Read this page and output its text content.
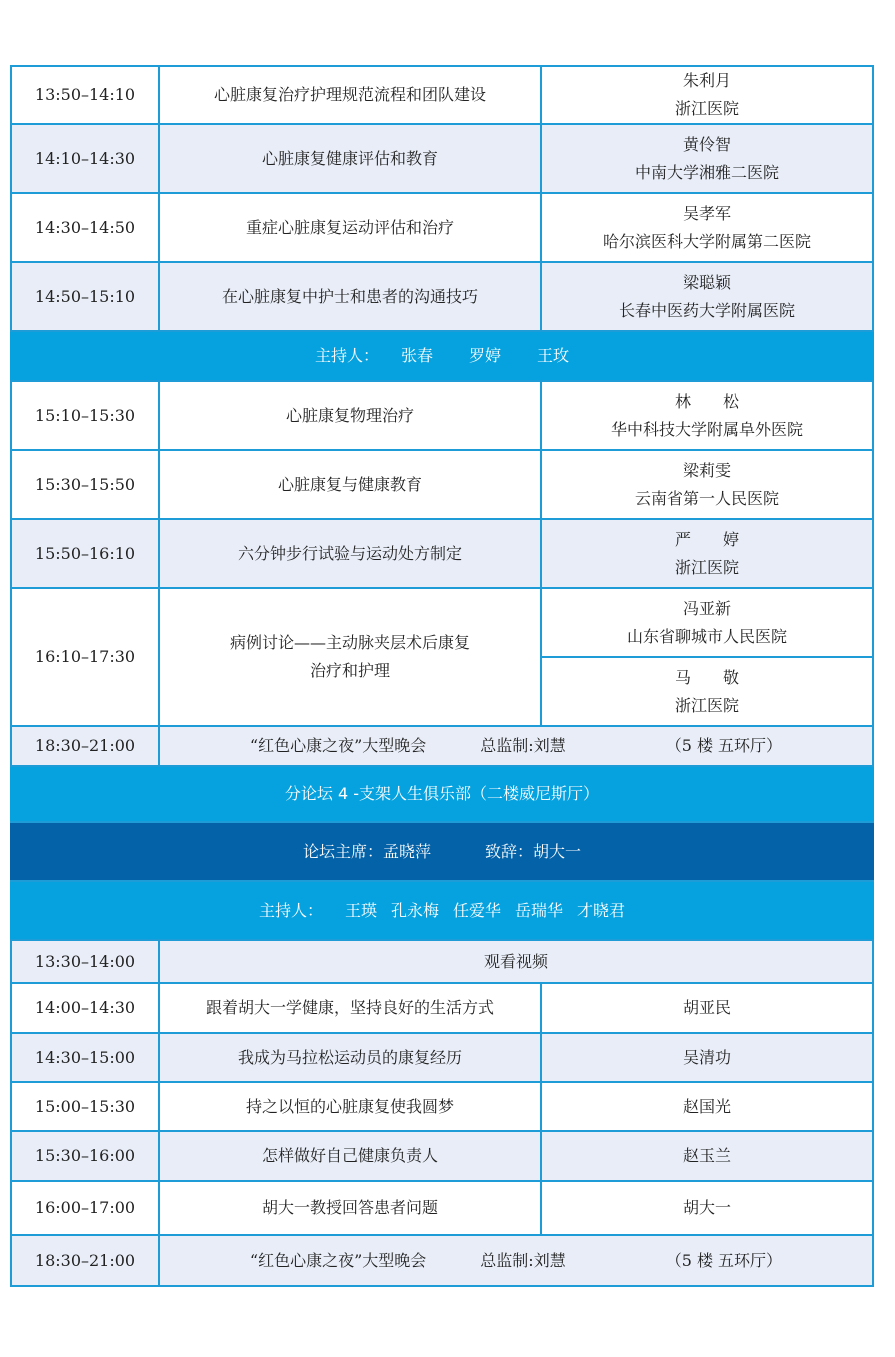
13:50–14:10	心脏康复治疗护理规范流程和团队建设	朱利月
浙江医院

14:10–14:30	心脏康复健康评估和教育	黄伶智
中南大学湘雅二医院

14:30–14:50	重症心脏康复运动评估和治疗	吴孝军
哈尔滨医科大学附属第二医院

14:50–15:10	在心脏康复中护士和患者的沟通技巧	梁聪颖
长春中医药大学附属医院

主持人： 张春 罗婷 王玫		
15:10–15:30	心脏康复物理治疗	林　　松
华中科技大学附属阜外医院

15:30–15:50	心脏康复与健康教育	梁莉雯
云南省第一人民医院

15:50–16:10	六分钟步行试验与运动处方制定	严　　婷
浙江医院

16:10–17:30	病例讨论——主动脉夹层术后康复
治疗和护理	冯亚新
山东省聊城市人民医院

		马　　敬
浙江医院

18:30–21:00	“红色心康之夜”大型晚会 总监制:刘慧 （5 楼 五环厅）	
分论坛 4 -支架人生俱乐部（二楼威尼斯厅）		
论坛主席：孟晓萍 致辞：胡大一		
主持人： 王瑛 孔永梅 任爱华 岳瑞华 才晓君		
13:30–14:00	观看视频	
14:00–14:30	跟着胡大一学健康，坚持良好的生活方式	胡亚民
14:30–15:00	我成为马拉松运动员的康复经历	吴清功
15:00–15:30	持之以恒的心脏康复使我圆梦	赵国光
15:30–16:00	怎样做好自己健康负责人	赵玉兰
16:00–17:00	胡大一教授回答患者问题	胡大一
18:30–21:00	“红色心康之夜”大型晚会 总监制:刘慧 （5 楼 五环厅）	
